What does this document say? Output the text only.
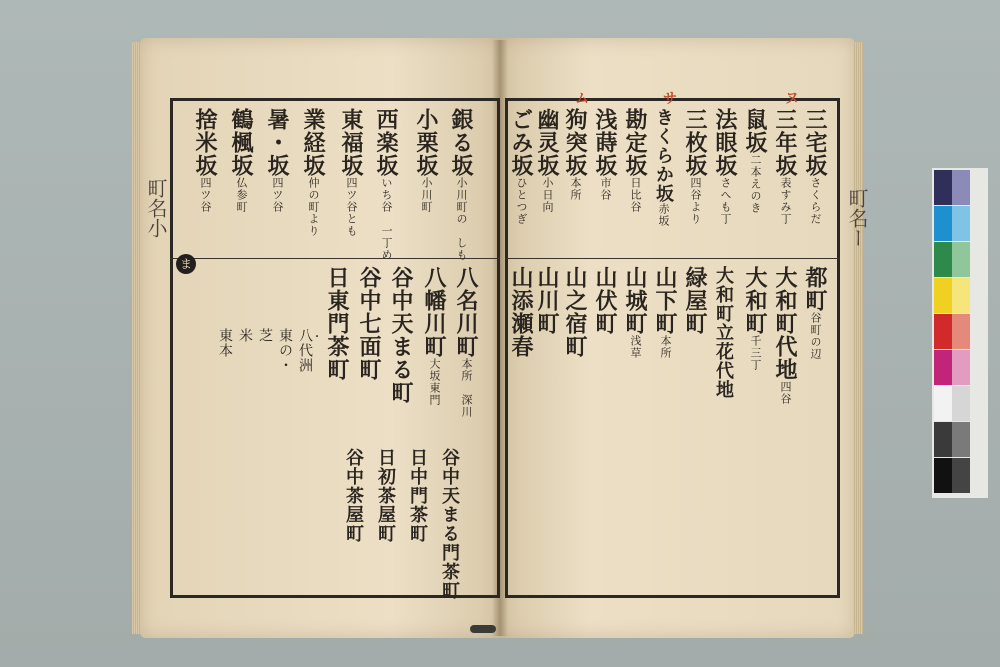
銀る坂小川町の　しも
小栗坂小川町
西楽坂いち谷　一丁め
東福坂四ツ谷とも
業経坂仲の町より
暑・坂四ツ谷
鶴楓坂仏参町
捨米坂四ツ谷
ま
八名川町本所　深川
八幡川町大坂東門
谷中天まる町
谷中七面町
日東門茶町
谷中天まる門茶町
日中門茶町
日初茶屋町
谷中茶屋町
・
八代洲
東の・
芝
米
東本
ム	サ	ヌ
三宅坂さくらだ
三年坂表すみ丁
鼠坂二本えのき
法眼坂さへも丁
三枚坂四谷より
きくらか坂赤坂
勘定坂日比谷
浅蒔坂市谷
狗突坂本所
幽灵坂小日向
ごみ坂ひとつぎ
都町谷町の辺
大和町代地四谷
大和町千三丁
大和町立花代地
緑屋町
山下町本所
山城町浅草
山伏町
山之宿町
山川町
山添瀬春
町名小	町名ー
